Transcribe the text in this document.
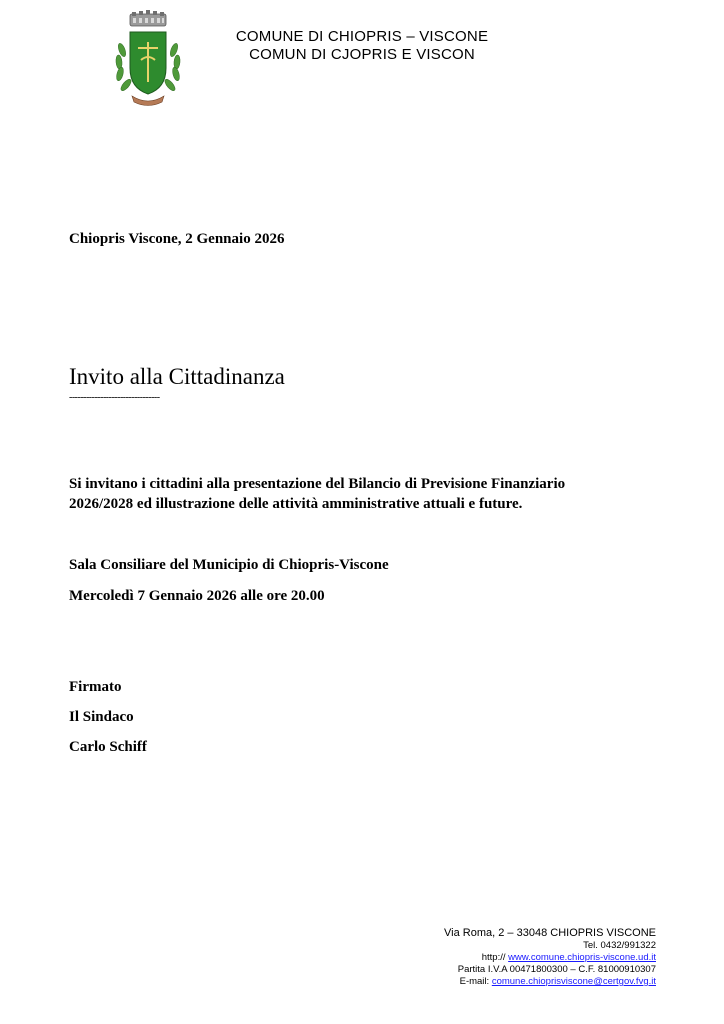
COMUNE DI CHIOPRIS – VISCONE
COMUN DI CJOPRIS E VISCON
Chiopris Viscone, 2 Gennaio 2026
Invito alla Cittadinanza
--------------------------------
Si invitano i cittadini alla presentazione del Bilancio di Previsione Finanziario
2026/2028 ed illustrazione delle attività amministrative attuali e future.
Sala Consiliare del Municipio di Chiopris-Viscone
Mercoledì 7 Gennaio 2026 alle ore 20.00
Firmato
Il Sindaco
Carlo Schiff
Via Roma, 2 – 33048 CHIOPRIS VISCONE
Tel. 0432/991322
http:// www.comune.chiopris-viscone.ud.it
Partita I.V.A 00471800300 – C.F. 81000910307
E-mail: comune.chioprisviscone@certgov.fvg.it
